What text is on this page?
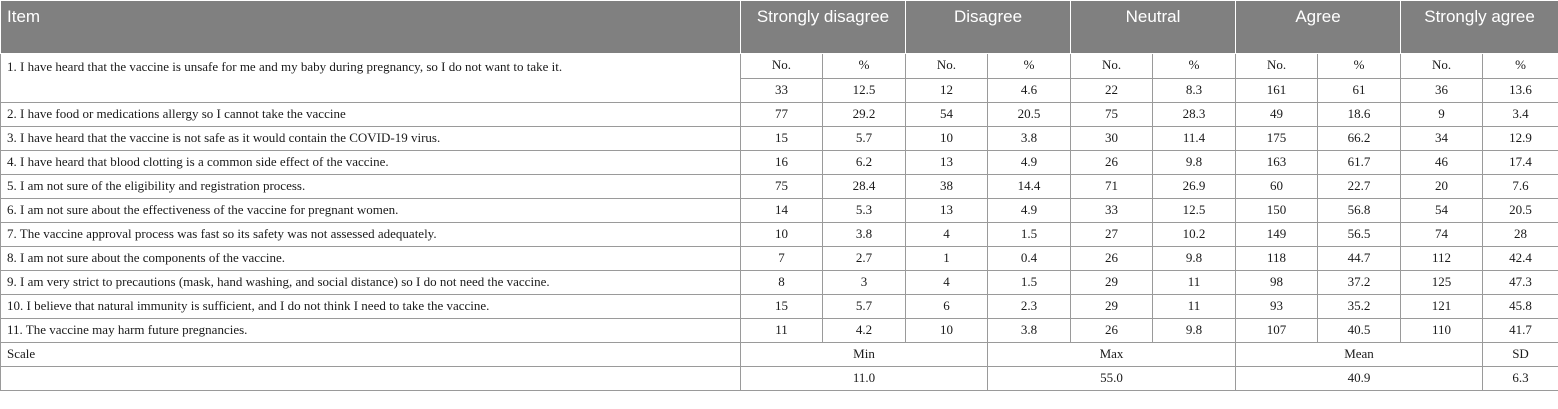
Item	Strongly disagree		Disagree		Neutral		Agree		Strongly agree	
1. I have heard that the vaccine is unsafe for me and my baby during pregnancy, so I do not want to take it.	No.	%	No.	%	No.	%	No.	%	No.	%
	33	12.5	12	4.6	22	8.3	161	61	36	13.6
2. I have food or medications allergy so I cannot take the vaccine	77	29.2	54	20.5	75	28.3	49	18.6	9	3.4
3. I have heard that the vaccine is not safe as it would contain the COVID-19 virus.	15	5.7	10	3.8	30	11.4	175	66.2	34	12.9
4. I have heard that blood clotting is a common side effect of the vaccine.	16	6.2	13	4.9	26	9.8	163	61.7	46	17.4
5. I am not sure of the eligibility and registration process.	75	28.4	38	14.4	71	26.9	60	22.7	20	7.6
6. I am not sure about the effectiveness of the vaccine for pregnant women.	14	5.3	13	4.9	33	12.5	150	56.8	54	20.5
7. The vaccine approval process was fast so its safety was not assessed adequately.	10	3.8	4	1.5	27	10.2	149	56.5	74	28
8. I am not sure about the components of the vaccine.	7	2.7	1	0.4	26	9.8	118	44.7	112	42.4
9. I am very strict to precautions (mask, hand washing, and social distance) so I do not need the vaccine.	8	3	4	1.5	29	11	98	37.2	125	47.3
10. I believe that natural immunity is sufficient, and I do not think I need to take the vaccine.	15	5.7	6	2.3	29	11	93	35.2	121	45.8
11. The vaccine may harm future pregnancies.	11	4.2	10	3.8	26	9.8	107	40.5	110	41.7
Scale	Min			Max			Mean			SD
	11.0			55.0			40.9			6.3
